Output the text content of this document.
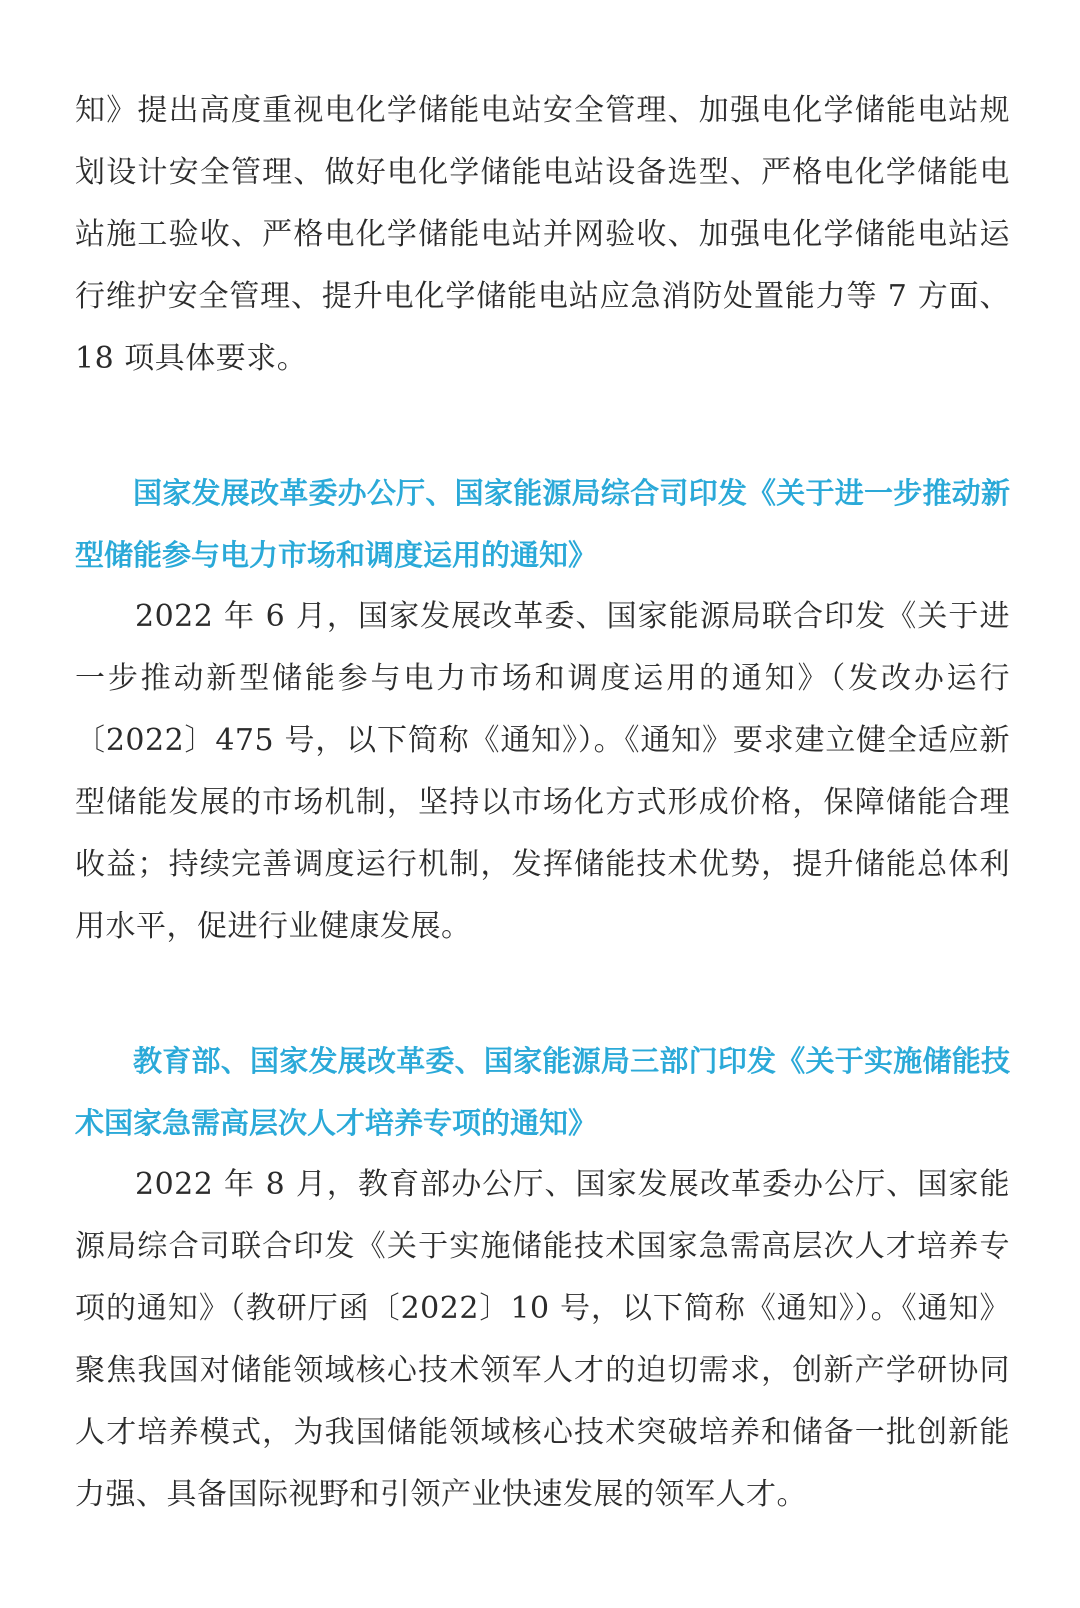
知》提出高度重视电化学储能电站安全管理、加强电化学储能电站规划设计安全管理、做好电化学储能电站设备选型、严格电化学储能电站施工验收、严格电化学储能电站并网验收、加强电化学储能电站运行维护安全管理、提升电化学储能电站应急消防处置能力等 7 方面、18 项具体要求。

国家发展改革委办公厅、国家能源局综合司印发《关于进一步推动新型储能参与电力市场和调度运用的通知》

2022 年 6 月，国家发展改革委、国家能源局联合印发《关于进一步推动新型储能参与电力市场和调度运用的通知》（发改办运行〔2022〕475 号，以下简称《通知》）。《通知》要求建立健全适应新型储能发展的市场机制，坚持以市场化方式形成价格，保障储能合理收益；持续完善调度运行机制，发挥储能技术优势，提升储能总体利用水平，促进行业健康发展。

教育部、国家发展改革委、国家能源局三部门印发《关于实施储能技术国家急需高层次人才培养专项的通知》

2022 年 8 月，教育部办公厅、国家发展改革委办公厅、国家能源局综合司联合印发《关于实施储能技术国家急需高层次人才培养专项的通知》（教研厅函〔2022〕10 号，以下简称《通知》）。《通知》聚焦我国对储能领域核心技术领军人才的迫切需求，创新产学研协同人才培养模式，为我国储能领域核心技术突破培养和储备一批创新能力强、具备国际视野和引领产业快速发展的领军人才。
